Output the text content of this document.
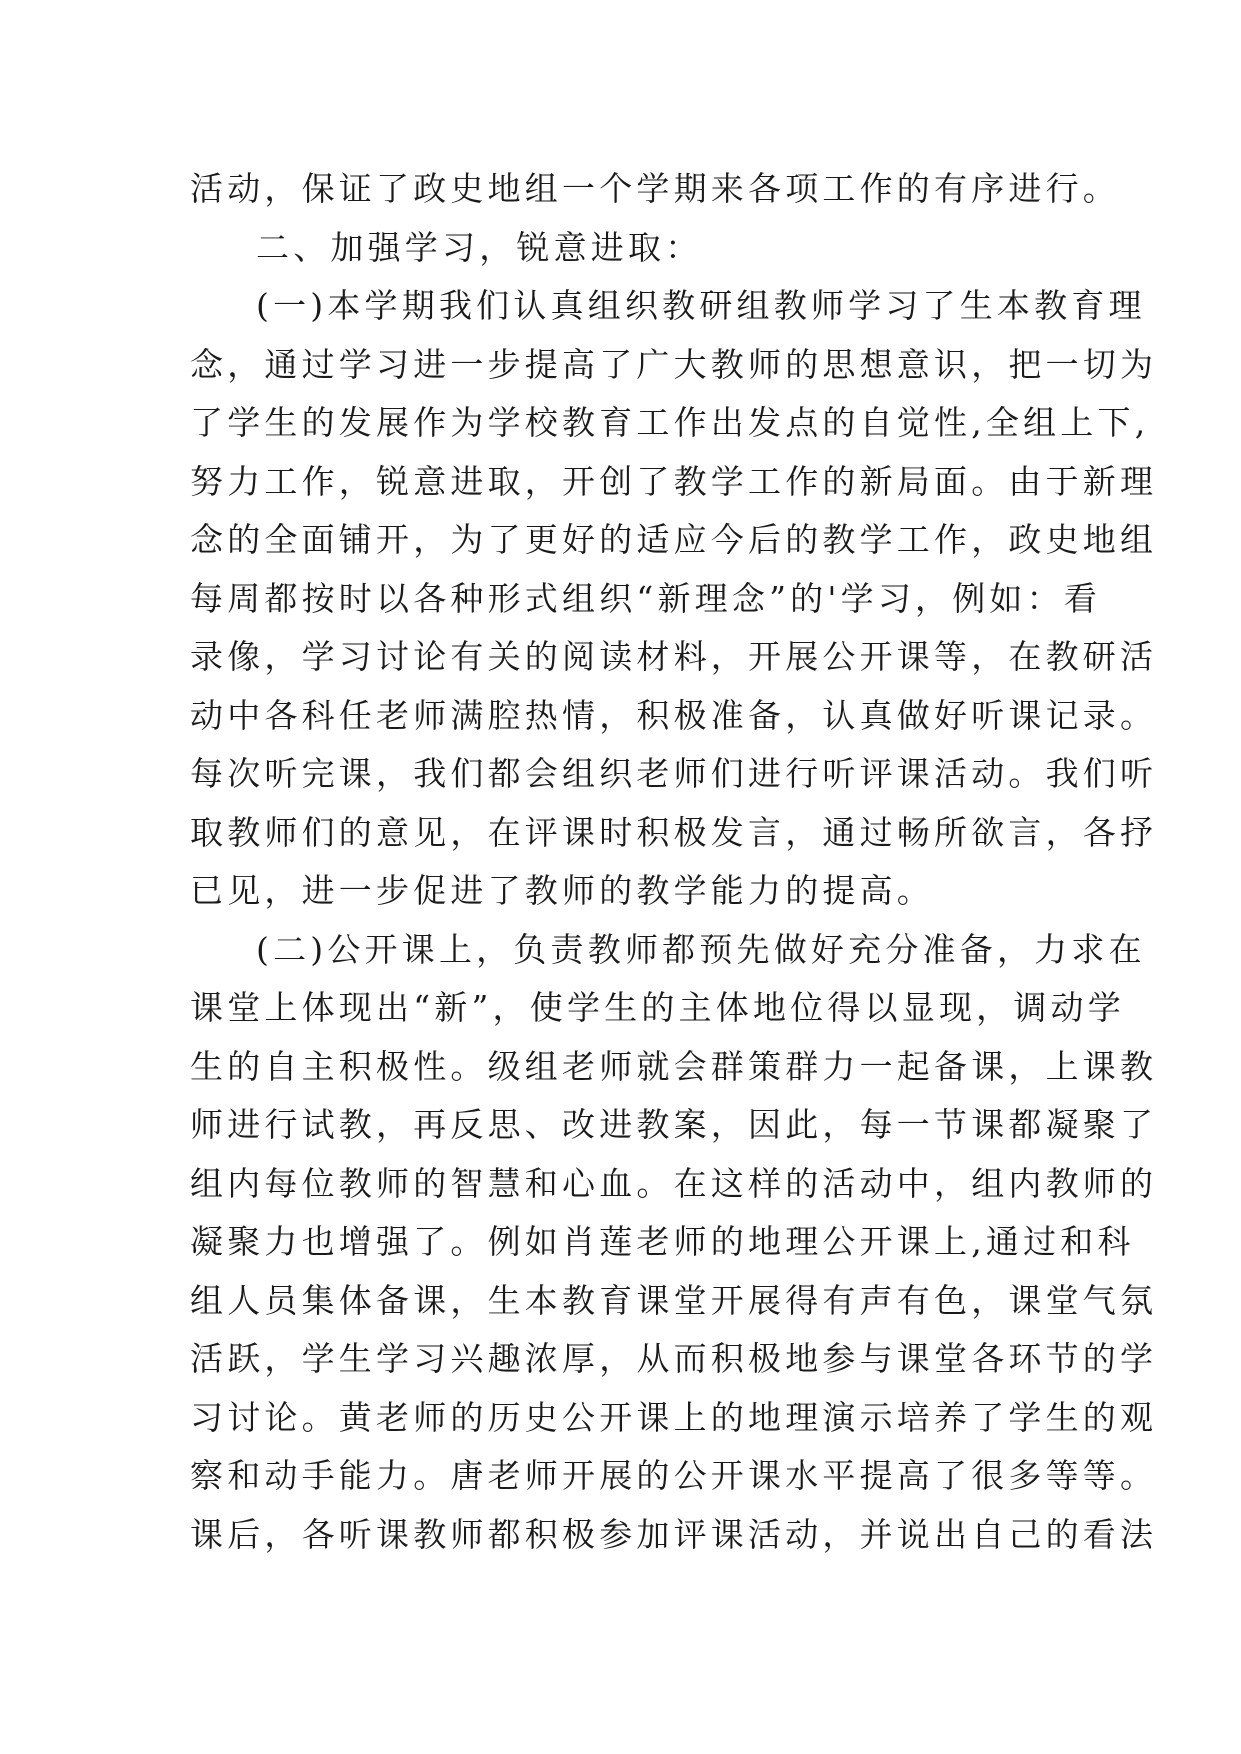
活动，保证了政史地组一个学期来各项工作的有序进行。
二、加强学习，锐意进取：
(一)本学期我们认真组织教研组教师学习了生本教育理
念，通过学习进一步提高了广大教师的思想意识，把一切为
了学生的发展作为学校教育工作出发点的自觉性,全组上下,
努力工作，锐意进取，开创了教学工作的新局面。由于新理
念的全面铺开，为了更好的适应今后的教学工作，政史地组
每周都按时以各种形式组织“新理念”的'学习，例如：看
录像，学习讨论有关的阅读材料，开展公开课等，在教研活
动中各科任老师满腔热情，积极准备，认真做好听课记录。
每次听完课，我们都会组织老师们进行听评课活动。我们听
取教师们的意见，在评课时积极发言，通过畅所欲言，各抒
已见，进一步促进了教师的教学能力的提高。
(二)公开课上，负责教师都预先做好充分准备，力求在
课堂上体现出“新”，使学生的主体地位得以显现，调动学
生的自主积极性。级组老师就会群策群力一起备课，上课教
师进行试教，再反思、改进教案，因此，每一节课都凝聚了
组内每位教师的智慧和心血。在这样的活动中，组内教师的
凝聚力也增强了。例如肖莲老师的地理公开课上,通过和科
组人员集体备课，生本教育课堂开展得有声有色，课堂气氛
活跃，学生学习兴趣浓厚，从而积极地参与课堂各环节的学
习讨论。黄老师的历史公开课上的地理演示培养了学生的观
察和动手能力。唐老师开展的公开课水平提高了很多等等。
课后，各听课教师都积极参加评课活动，并说出自己的看法
